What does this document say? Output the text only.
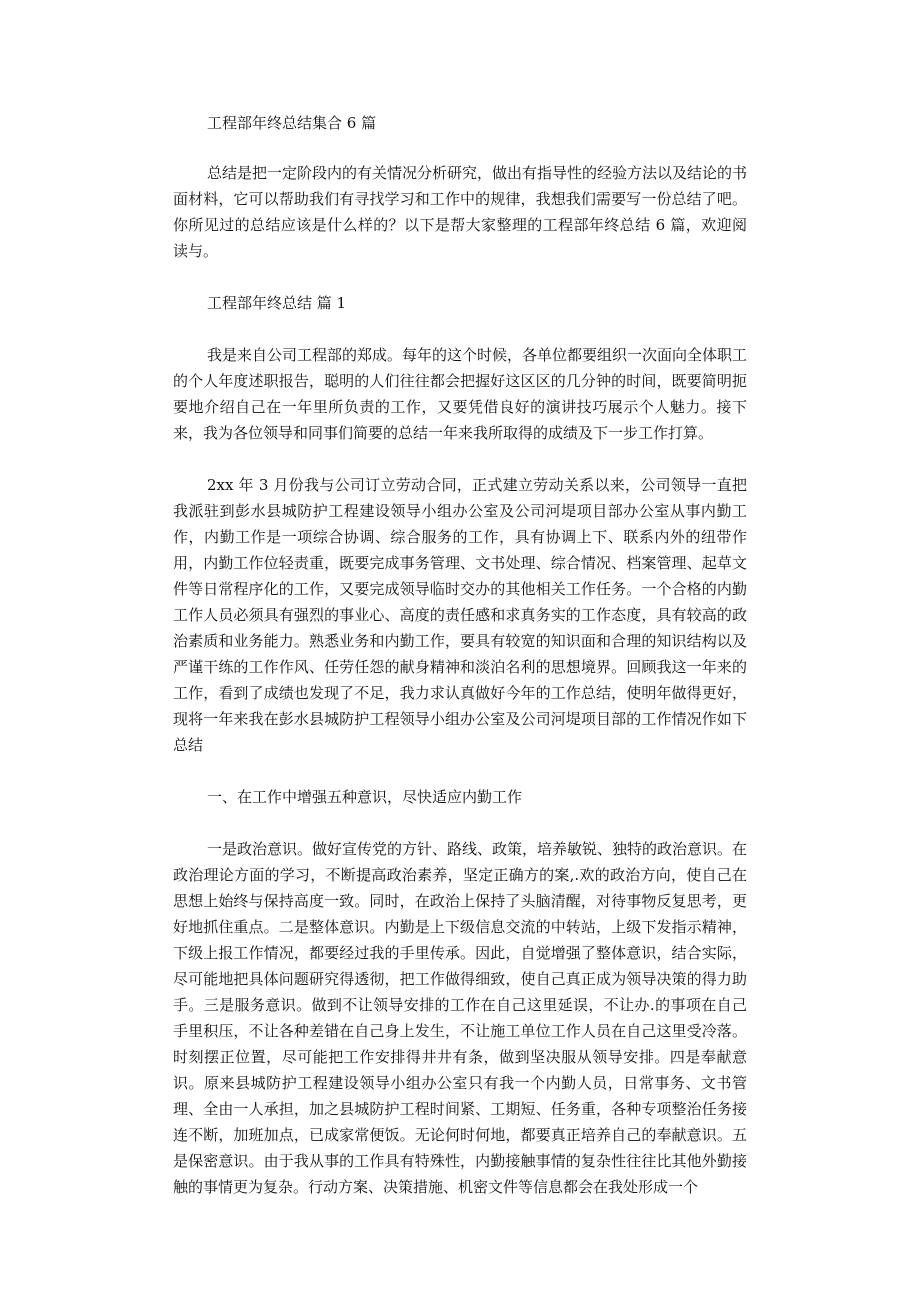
工程部年终总结集合 6 篇

总结是把一定阶段内的有关情况分析研究，做出有指导性的经验方法以及结论的书面材料，它可以帮助我们有寻找学习和工作中的规律，我想我们需要写一份总结了吧。你所见过的总结应该是什么样的？以下是帮大家整理的工程部年终总结 6 篇，欢迎阅读与。

工程部年终总结 篇 1

我是来自公司工程部的郑成。每年的这个时候，各单位都要组织一次面向全体职工的个人年度述职报告，聪明的人们往往都会把握好这区区的几分钟的时间，既要简明扼要地介绍自己在一年里所负责的工作，又要凭借良好的演讲技巧展示个人魅力。接下来，我为各位领导和同事们简要的总结一年来我所取得的成绩及下一步工作打算。

2xx 年 3 月份我与公司订立劳动合同，正式建立劳动关系以来，公司领导一直把我派驻到彭水县城防护工程建设领导小组办公室及公司河堤项目部办公室从事内勤工作，内勤工作是一项综合协调、综合服务的工作，具有协调上下、联系内外的纽带作用，内勤工作位轻责重，既要完成事务管理、文书处理、综合情况、档案管理、起草文件等日常程序化的工作，又要完成领导临时交办的其他相关工作任务。一个合格的内勤工作人员必须具有强烈的事业心、高度的责任感和求真务实的工作态度，具有较高的政治素质和业务能力。熟悉业务和内勤工作，要具有较宽的知识面和合理的知识结构以及严谨干练的工作作风、任劳任怨的献身精神和淡泊名利的思想境界。回顾我这一年来的工作，看到了成绩也发现了不足，我力求认真做好今年的工作总结，使明年做得更好，现将一年来我在彭水县城防护工程领导小组办公室及公司河堤项目部的工作情况作如下总结

一、在工作中增强五种意识，尽快适应内勤工作

一是政治意识。做好宣传党的方针、路线、政策，培养敏锐、独特的政治意识。在政治理论方面的学习，不断提高政治素养，坚定正确方的案,.欢的政治方向，使自己在思想上始终与保持高度一致。同时，在政治上保持了头脑清醒，对待事物反复思考，更好地抓住重点。二是整体意识。内勤是上下级信息交流的中转站，上级下发指示精神，下级上报工作情况，都要经过我的手里传承。因此，自觉增强了整体意识，结合实际，尽可能地把具体问题研究得透彻，把工作做得细致，使自己真正成为领导决策的得力助手。三是服务意识。做到不让领导安排的工作在自己这里延误，不让办.的事项在自己手里积压，不让各种差错在自己身上发生，不让施工单位工作人员在自己这里受冷落。时刻摆正位置，尽可能把工作安排得井井有条，做到坚决服从领导安排。四是奉献意识。原来县城防护工程建设领导小组办公室只有我一个内勤人员，日常事务、文书管理、全由一人承担，加之县城防护工程时间紧、工期短、任务重，各种专项整治任务接连不断，加班加点，已成家常便饭。无论何时何地，都要真正培养自己的奉献意识。五是保密意识。由于我从事的工作具有特殊性，内勤接触事情的复杂性往往比其他外勤接触的事情更为复杂。行动方案、决策措施、机密文件等信息都会在我处形成一个
